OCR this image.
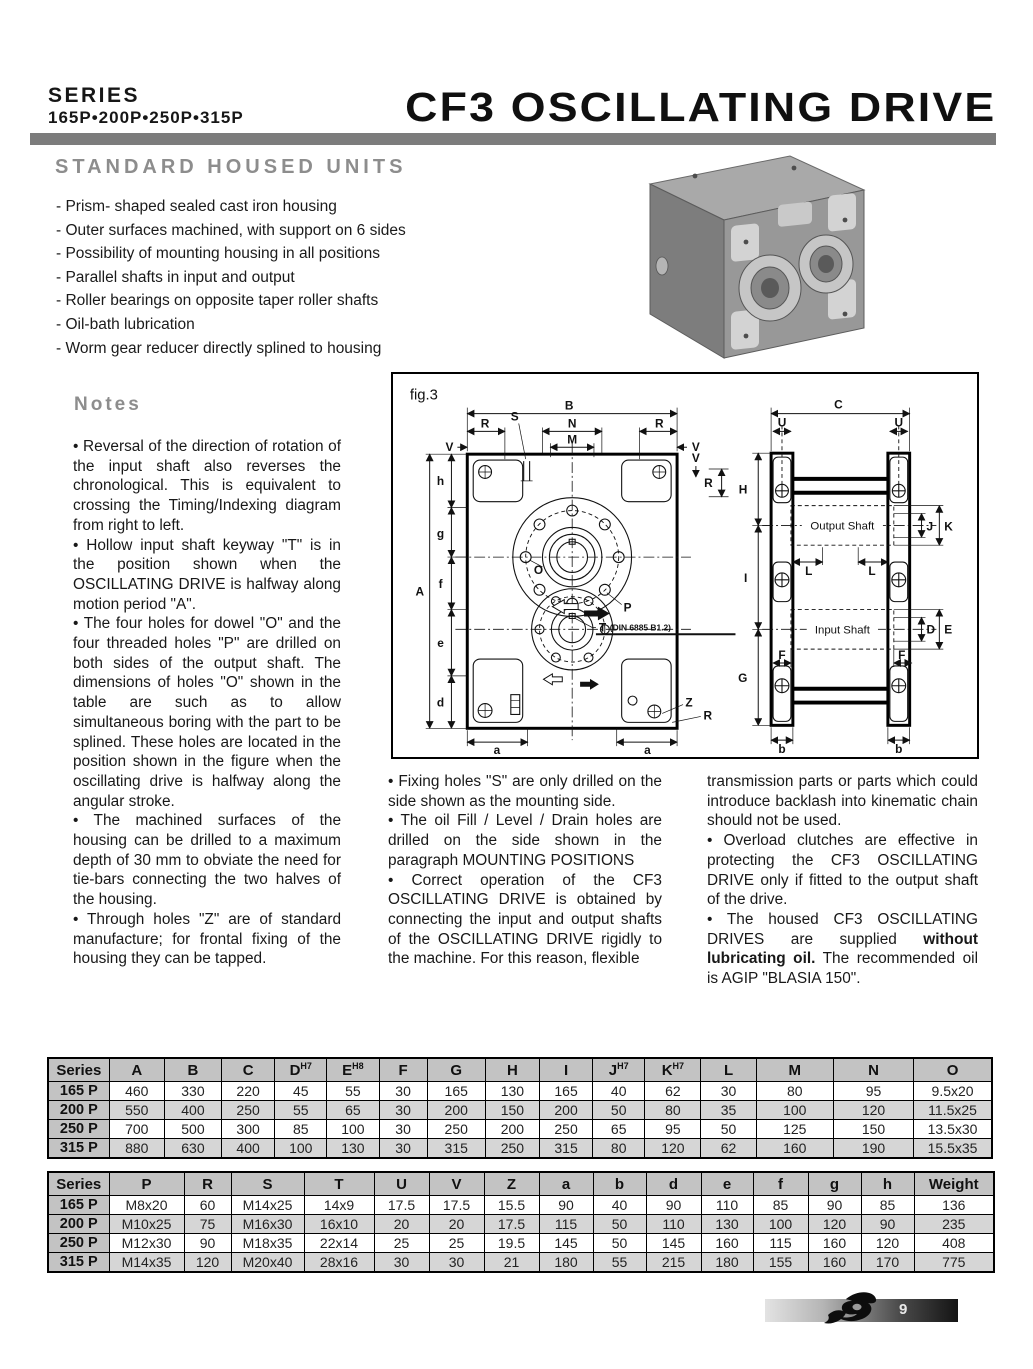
SERIES
165P•200P•250P•315P	CF3 OSCILLATING DRIVE
STANDARD HOUSED UNITS
- Prism- shaped sealed cast iron housing
- Outer surfaces machined, with support on 6 sides
- Possibility of mounting housing in all positions
- Parallel shafts in input and output
- Roller bearings on opposite taper roller shafts
- Oil-bath lubrication
- Worm gear reducer directly splined to housing
fig.3
B
R	R
N
M
V	V
S
h
g
f
e
d
A
a	a
O
P
T (DIN 6885 B1.2)
Z
R
Output Shaft	J K
L	L
Input Shaft	D E
F	F
C
U	U
H
I
G
V
R
b	b
Notes

• Reversal of the direction of rotation of the input shaft also reverses the chronological. This is equivalent to crossing the Timing/Indexing diagram from right to left.

• Hollow input shaft keyway "T" is in the position shown when the OSCILLATING DRIVE is halfway along motion period "A".

• The four holes for dowel "O" and the four threaded holes "P" are drilled on both sides of the output shaft. The dimensions of holes "O" shown in the table are such as to allow simultaneous boring with the part to be splined. These holes are located in the position shown in the figure when the oscillating drive is halfway along the angular stroke.

• The machined surfaces of the housing can be drilled to a maximum depth of 30 mm to obviate the need for tie-bars connecting the two halves of the housing.

• Through holes "Z" are of standard manufacture; for frontal fixing of the housing they can be tapped.

• Fixing holes "S" are only drilled on the side shown as the mounting side.

• The oil Fill / Level / Drain holes are drilled on the side shown in the paragraph MOUNTING POSITIONS

• Correct operation of the CF3 OSCILLATING DRIVE is obtained by connecting the input and output shafts of the OSCILLATING DRIVE rigidly to the machine. For this reason, flexible

transmission parts or parts which could introduce backlash into kinematic chain should not be used.

• Overload clutches are effective in protecting the CF3 OSCILLATING DRIVE only if fitted to the output shaft of the drive.

• The housed CF3 OSCILLATING DRIVES are supplied without lubricating oil. The recommended oil is AGIP "BLASIA 150".

Series	A	B	C	$D^{H7}$	$E^{H8}$	F	G	H	I	$J^{H7}$	$K^{H7}$	L	M	N	O
165 P	460	330	220	45	55	30	165	130	165	40	62	30	80	95	9.5x20
200 P	550	400	250	55	65	30	200	150	200	50	80	35	100	120	11.5x25
250 P	700	500	300	85	100	30	250	200	250	65	95	50	125	150	13.5x30
315 P	880	630	400	100	130	30	315	250	315	80	120	62	160	190	15.5x35
Series	P	R	S	T	U	V	Z	a	b	d	e	f	g	h	Weight
165 P	M8x20	60	M14x25	14x9	17.5	17.5	15.5	90	40	90	110	85	90	85	136
200 P	M10x25	75	M16x30	16x10	20	20	17.5	115	50	110	130	100	120	90	235
250 P	M12x30	90	M18x35	22x14	25	25	19.5	145	50	145	160	115	160	120	408
315 P	M14x35	120	M20x40	28x16	30	30	21	180	55	215	180	155	160	170	775
9
